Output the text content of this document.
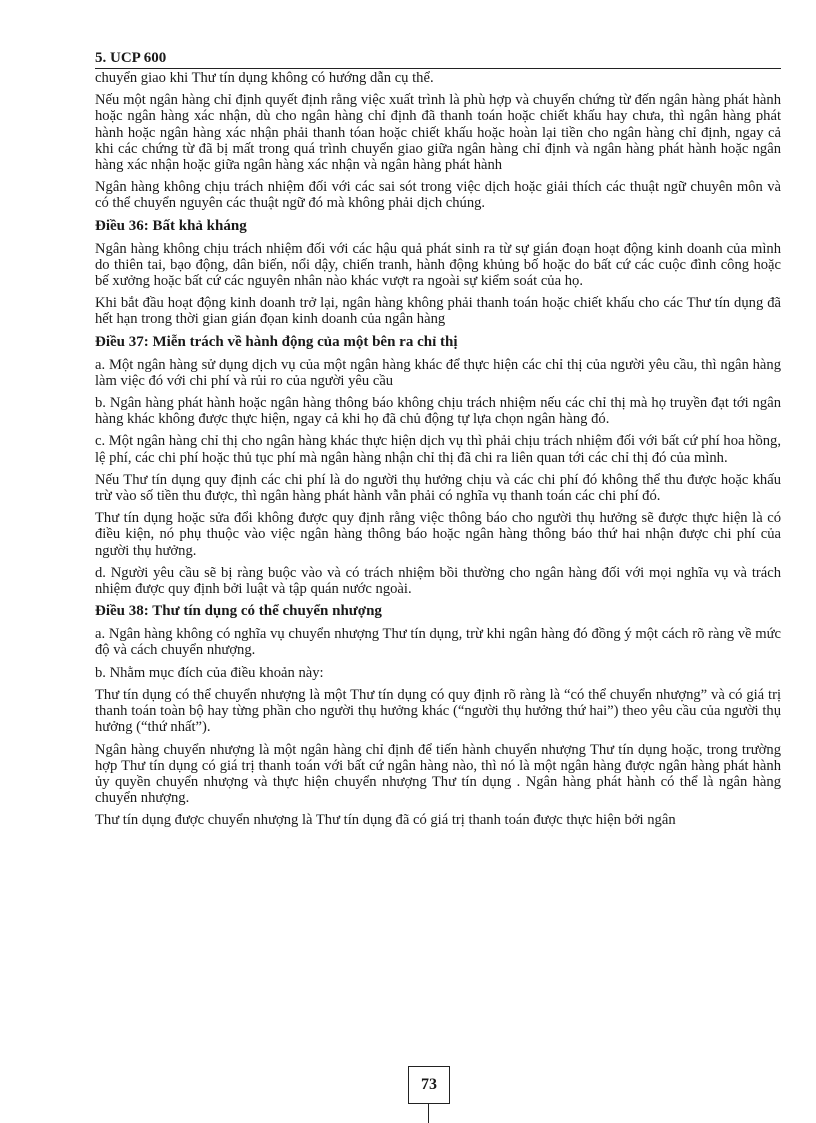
5. UCP 600

chuyển giao khi Thư tín dụng không có hướng dẫn cụ thể.

Nếu một ngân hàng chỉ định quyết định rằng việc xuất trình là phù hợp và chuyển chứng từ đến ngân hàng phát hành hoặc ngân hàng xác nhận, dù cho ngân hàng chỉ định đã thanh toán hoặc chiết khấu hay chưa, thì ngân hàng phát hành hoặc ngân hàng xác nhận phải thanh tóan hoặc chiết khấu hoặc hoàn lại tiền cho ngân hàng chỉ định, ngay cả khi các chứng từ đã bị mất trong quá trình chuyển giao giữa ngân hàng chỉ định và ngân hàng phát hành hoặc ngân hàng xác nhận hoặc giữa ngân hàng xác nhận và ngân hàng phát hành

Ngân hàng không chịu trách nhiệm đối với các sai sót trong việc dịch hoặc giải thích các thuật ngữ chuyên môn và có thể chuyển nguyên các thuật ngữ đó mà không phải dịch chúng.

Điều 36: Bất khả kháng

Ngân hàng không chịu trách nhiệm đối với các hậu quả phát sinh ra từ sự gián đoạn hoạt động kinh doanh của mình do thiên tai, bạo động, dân biến, nổi dậy, chiến tranh, hành động khủng bố hoặc do bất cứ các cuộc đình công hoặc bế xưởng hoặc bất cứ các nguyên nhân nào khác vượt ra ngoài sự kiểm soát của họ.

Khi bắt đầu hoạt động kinh doanh trở lại, ngân hàng không phải thanh toán hoặc chiết khấu cho các Thư tín dụng đã hết hạn trong thời gian gián đọan kinh doanh của ngân hàng

Điều 37: Miễn trách về hành động của một bên ra chỉ thị

a. Một ngân hàng sử dụng dịch vụ của một ngân hàng khác để thực hiện các chỉ thị của người yêu cầu, thì ngân hàng làm việc đó với chi phí và rủi ro của người yêu cầu

b. Ngân hàng phát hành hoặc ngân hàng thông báo không chịu trách nhiệm nếu các chỉ thị mà họ truyền đạt tới ngân hàng khác không được thực hiện, ngay cả khi họ đã chủ động tự lựa chọn ngân hàng đó.

c. Một ngân hàng chỉ thị cho ngân hàng khác thực hiện dịch vụ thì phải chịu trách nhiệm đối với bất cứ phí hoa hồng, lệ phí, các chi phí hoặc thủ tục phí mà ngân hàng nhận chỉ thị đã chi ra liên quan tới các chỉ thị đó của mình.

Nếu Thư tín dụng quy định các chi phí là do người thụ hưởng chịu và các chi phí đó không thể thu được hoặc khấu trừ vào số tiền thu được, thì ngân hàng phát hành vẫn phải có nghĩa vụ thanh toán các chi phí đó.

Thư tín dụng hoặc sửa đổi không được quy định rằng việc thông báo cho người thụ hưởng sẽ được thực hiện là có điều kiện, nó phụ thuộc vào việc ngân hàng thông báo hoặc ngân hàng thông báo thứ hai nhận được chi phí của người thụ hưởng.

d. Người yêu cầu sẽ bị ràng buộc vào và có trách nhiệm bồi thường cho ngân hàng đối với mọi nghĩa vụ và trách nhiệm được quy định bởi luật và tập quán nước ngoài.

Điều 38: Thư tín dụng có thể chuyển nhượng

a. Ngân hàng không có nghĩa vụ chuyển nhượng Thư tín dụng, trừ khi ngân hàng đó đồng ý một cách rõ ràng về mức độ và cách chuyển nhượng.

b. Nhằm mục đích của điều khoản này:

Thư tín dụng có thể chuyển nhượng là một Thư tín dụng có quy định rõ ràng là “có thể chuyển nhượng” và có giá trị thanh toán toàn bộ hay từng phần cho người thụ hưởng khác (“người thụ hưởng thứ hai”) theo yêu cầu của người thụ hưởng (“thứ nhất”).

Ngân hàng chuyển nhượng là một ngân hàng chỉ định để tiến hành chuyển nhượng Thư tín dụng hoặc, trong trường hợp Thư tín dụng có giá trị thanh toán với bất cứ ngân hàng nào, thì nó là một ngân hàng được ngân hàng phát hành ủy quyền chuyển nhượng và thực hiện chuyển nhượng Thư tín dụng . Ngân hàng phát hành có thể là ngân hàng chuyển nhượng.

Thư tín dụng được chuyển nhượng là Thư tín dụng đã có giá trị thanh toán được thực hiện bởi ngân

73
